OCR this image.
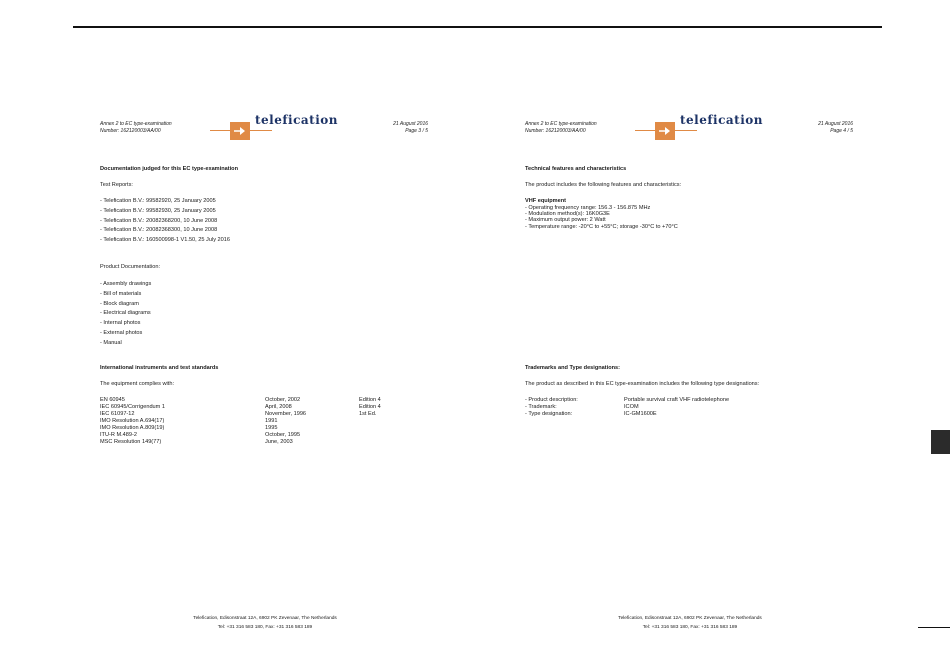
Annex 2 to EC type-examination
Number: 162120003/AA/00
telefication	21 August 2016
Page 3 / 5
Documentation judged for this EC type-examination
Test Reports:
- Telefication B.V.: 99582920, 25 January 2005
- Telefication B.V.: 99582930, 25 January 2005
- Telefication B.V.: 20082368200, 10 June 2008
- Telefication B.V.: 20082368300, 10 June 2008
- Telefication B.V.: 160500998-1 V1.50, 25 July 2016
Product Documentation:
- Assembly drawings
- Bill of materials
- Block diagram
- Electrical diagrams
- Internal photos
- External photos
- Manual
International instruments and test standards
The equipment complies with:
EN 60945	October, 2002	Edition 4
IEC 60945/Corrigendum 1	April, 2008	Edition 4
IEC 61097-12	November, 1996	1st Ed.
IMO Resolution A.694(17)	1991
IMO Resolution A.809(19)	1995
ITU-R M.489-2	October, 1995
MSC Resolution 149(77)	June, 2003
Telefication, Edisonstraat 12A, 6902 PK Zevenaar, The Netherlands
Tel: +31 316 583 180, Fax: +31 316 583 189
Annex 2 to EC type-examination
Number: 162120003/AA/00
telefication	21 August 2016
Page 4 / 5
Technical features and characteristics
The product includes the following features and characteristics:
VHF equipment
- Operating frequency range: 156.3 - 156.875 MHz
- Modulation method(s): 16K0G3E
- Maximum output power: 2 Watt
- Temperature range: -20°C to +55°C; storage -30°C to +70°C
Trademarks and Type designations:
The product as described in this EC type-examination includes the following type designations:
- Product description:	Portable survival craft VHF radiotelephone
- Trademark:	ICOM
- Type designation:	IC-GM1600E
Telefication, Edisonstraat 12A, 6902 PK Zevenaar, The Netherlands
Tel: +31 316 583 180, Fax: +31 316 583 189
